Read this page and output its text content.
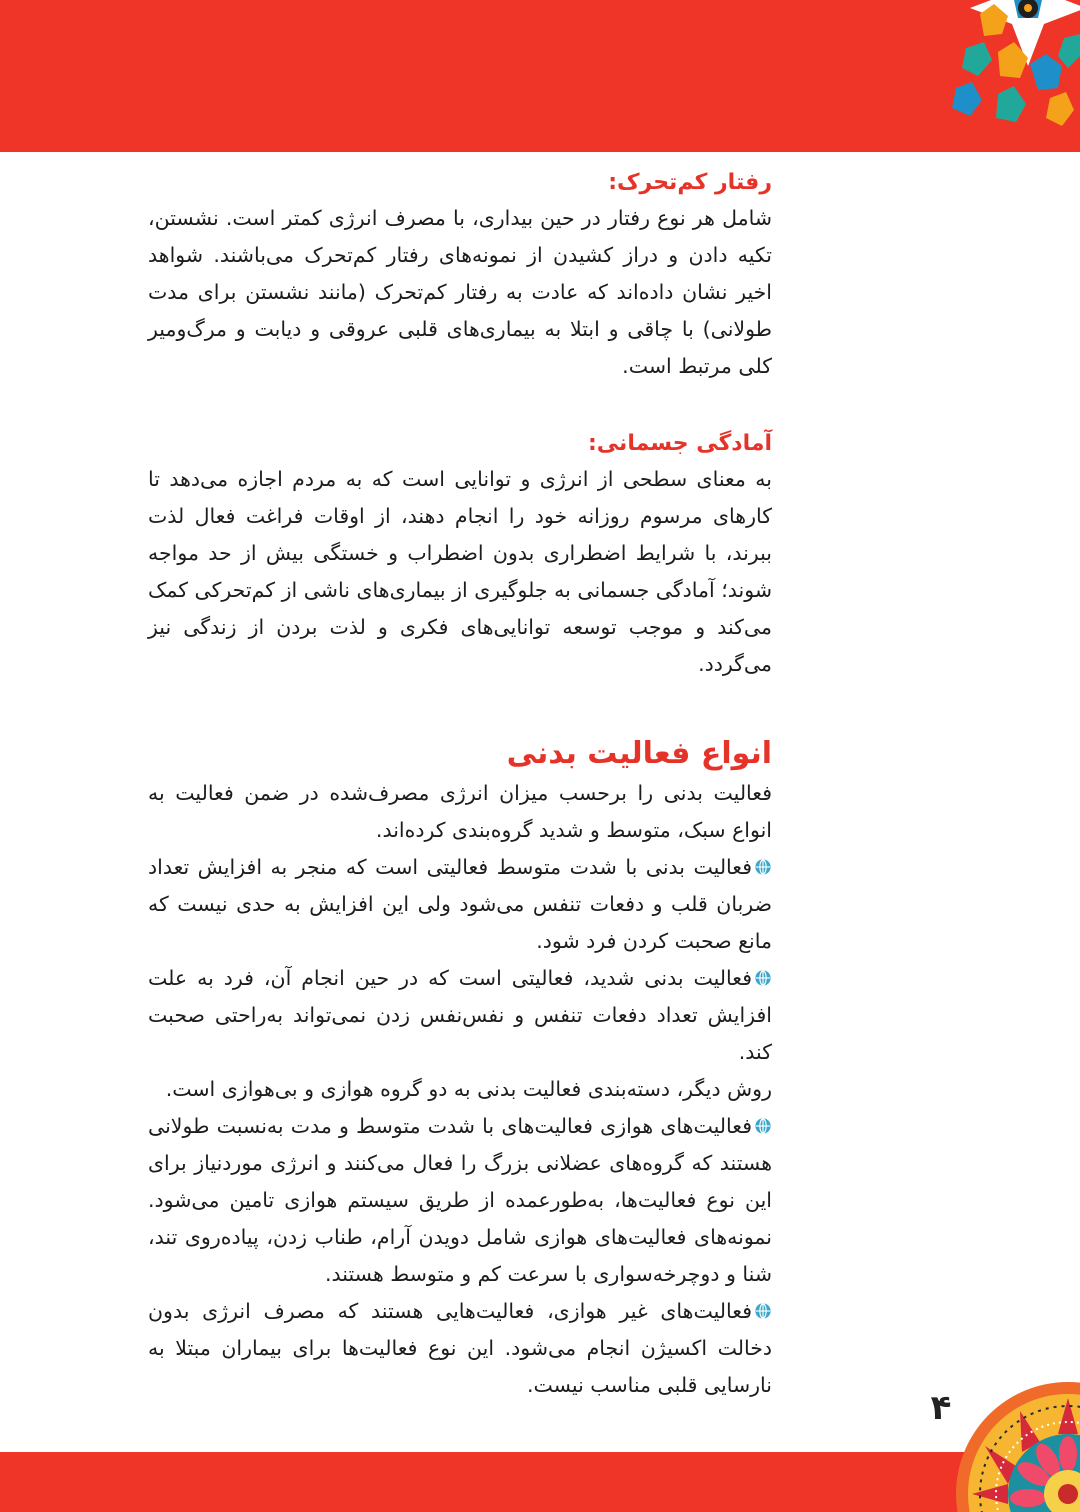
رفتار کم‌تحرک:

شامل هر نوع رفتار در حین بیداری، با مصرف انرژی کمتر است. نشستن، تکیه دادن و دراز کشیدن از نمونه‌های رفتار کم‌تحرک می‌باشند. شواهد اخیر نشان داده‌اند که عادت به رفتار کم‌تحرک (مانند نشستن برای مدت طولانی) با چاقی و ابتلا به بیماری‌های قلبی عروقی و دیابت و مرگ‌ومیر کلی مرتبط است.

آمادگی جسمانی:

به معنای سطحی از انرژی و توانایی است که به مردم اجازه می‌دهد تا کارهای مرسوم روزانه خود را انجام دهند، از اوقات فراغت فعال لذت ببرند، با شرایط اضطراری بدون اضطراب و خستگی بیش از حد مواجه شوند؛ آمادگی جسمانی به جلوگیری از بیماری‌های ناشی از کم‌تحرکی کمک می‌کند و موجب توسعه توانایی‌های فکری و لذت بردن از زندگی نیز می‌گردد.

انواع فعالیت بدنی

فعالیت بدنی را برحسب میزان انرژی مصرف‌شده در ضمن فعالیت به انواع سبک، متوسط و شدید گروه‌بندی کرده‌اند.

فعالیت بدنی با شدت متوسط فعالیتی است که منجر به افزایش تعداد ضربان قلب و دفعات تنفس می‌شود ولی این افزایش به حدی نیست که مانع صحبت کردن فرد شود.

فعالیت بدنی شدید، فعالیتی است که در حین انجام آن، فرد به علت افزایش تعداد دفعات تنفس و نفس‌نفس زدن نمی‌تواند به‌راحتی صحبت کند.

روش دیگر، دسته‌بندی فعالیت بدنی به دو گروه هوازی و بی‌هوازی است.

فعالیت‌های هوازی فعالیت‌های با شدت متوسط و مدت به‌نسبت طولانی هستند که گروه‌های عضلانی بزرگ را فعال می‌کنند و انرژی موردنیاز برای این نوع فعالیت‌ها، به‌طورعمده از طریق سیستم هوازی تامین می‌شود. نمونه‌های فعالیت‌های هوازی شامل دویدن آرام، طناب زدن، پیاده‌روی تند، شنا و دوچرخه‌سواری با سرعت کم و متوسط هستند.

فعالیت‌های غیر هوازی، فعالیت‌هایی هستند که مصرف انرژی بدون دخالت اکسیژن انجام می‌شود. این نوع فعالیت‌ها برای بیماران مبتلا به نارسایی قلبی مناسب نیست.

۴
